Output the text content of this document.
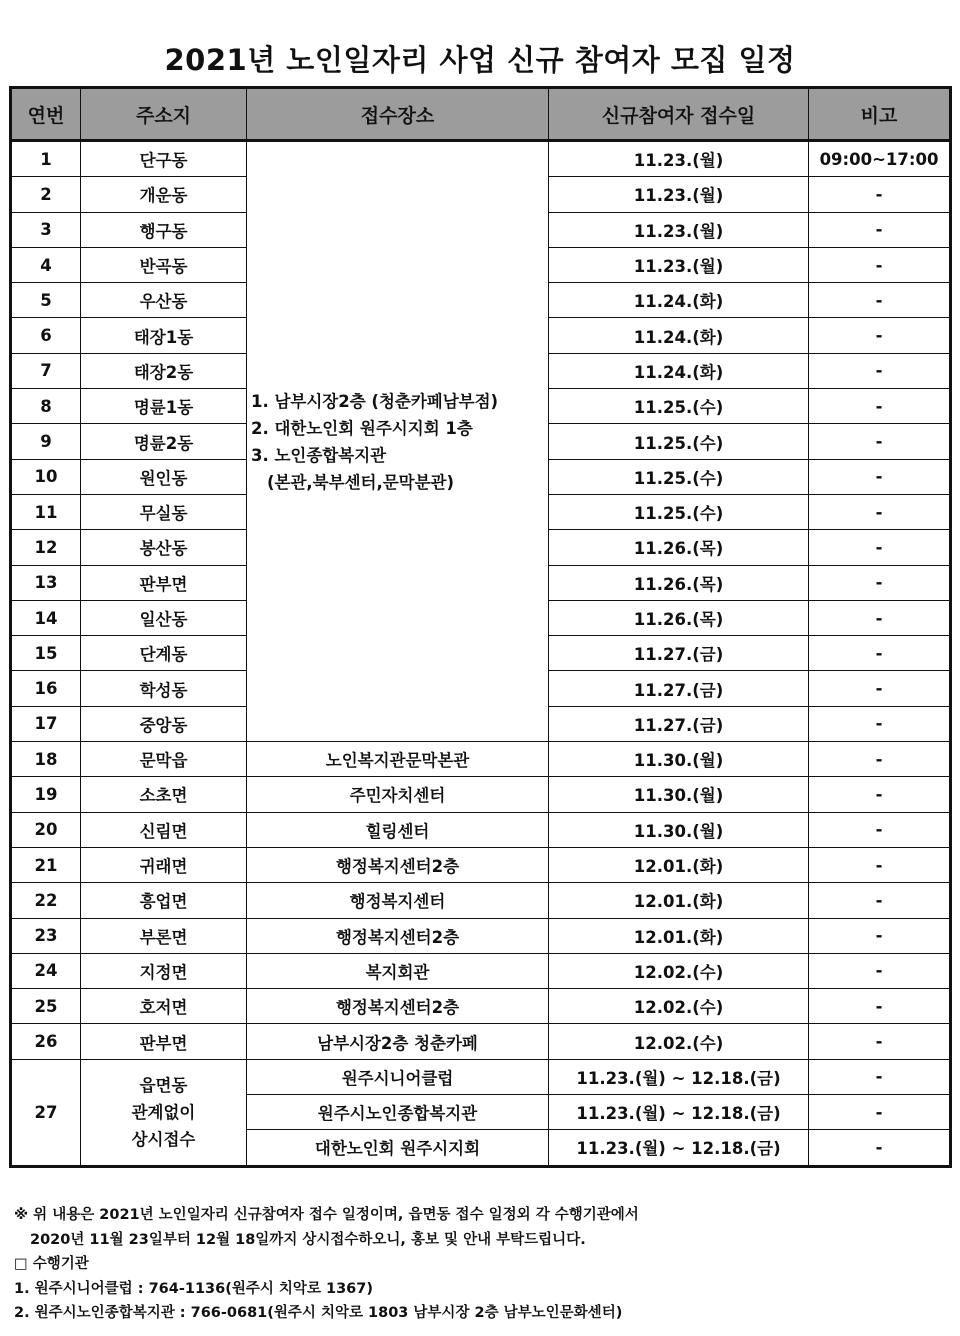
2021년 노인일자리 사업 신규 참여자 모집 일정
연번	주소지	접수장소	신규참여자 접수일	비고
1	단구동	1. 남부시장2층 (청춘카페남부점)
2. 대한노인회 원주시지회 1층
3. 노인종합복지관
(본관,북부센터,문막분관)	11.23.(월)	09:00~17:00
2	개운동		11.23.(월)	-
3	행구동		11.23.(월)	-
4	반곡동		11.23.(월)	-
5	우산동		11.24.(화)	-
6	태장1동		11.24.(화)	-
7	태장2동		11.24.(화)	-
8	명륜1동		11.25.(수)	-
9	명륜2동		11.25.(수)	-
10	원인동		11.25.(수)	-
11	무실동		11.25.(수)	-
12	봉산동		11.26.(목)	-
13	판부면		11.26.(목)	-
14	일산동		11.26.(목)	-
15	단계동		11.27.(금)	-
16	학성동		11.27.(금)	-
17	중앙동		11.27.(금)	-
18	문막읍	노인복지관문막본관	11.30.(월)	-
19	소초면	주민자치센터	11.30.(월)	-
20	신림면	힐링센터	11.30.(월)	-
21	귀래면	행정복지센터2층	12.01.(화)	-
22	흥업면	행정복지센터	12.01.(화)	-
23	부론면	행정복지센터2층	12.01.(화)	-
24	지정면	복지회관	12.02.(수)	-
25	호저면	행정복지센터2층	12.02.(수)	-
26	판부면	남부시장2층 청춘카페	12.02.(수)	-
27	읍면동
관계없이
상시접수	원주시니어클럽	11.23.(월) ~ 12.18.(금)	-
		원주시노인종합복지관	11.23.(월) ~ 12.18.(금)	-
		대한노인회 원주시지회	11.23.(월) ~ 12.18.(금)	-
※ 위 내용은 2021년 노인일자리 신규참여자 접수 일정이며, 읍면동 접수 일정외 각 수행기관에서
2020년 11월 23일부터 12월 18일까지 상시접수하오니, 홍보 및 안내 부탁드립니다.
□ 수행기관
1. 원주시니어클럽 : 764-1136(원주시 치악로 1367)
2. 원주시노인종합복지관 : 766-0681(원주시 치악로 1803 남부시장 2층 남부노인문화센터)
